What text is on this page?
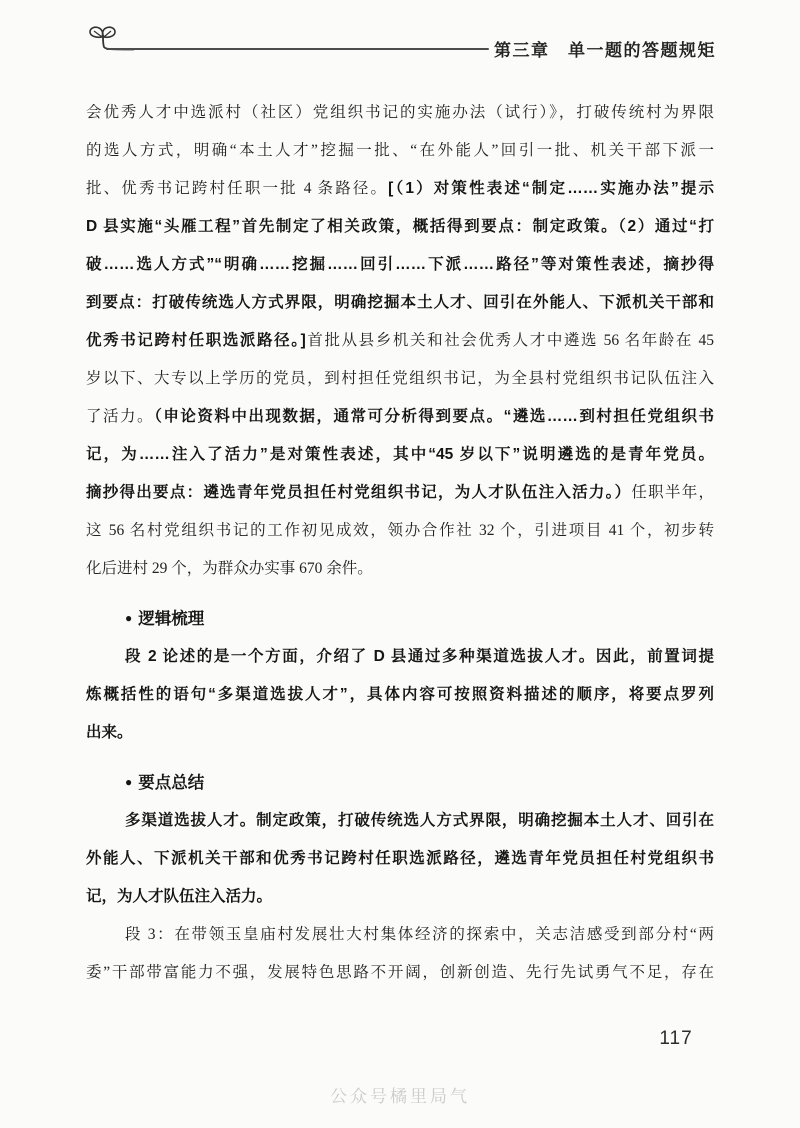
第三章　单一题的答题规矩
会优秀人才中选派村（社区）党组织书记的实施办法（试行）》，打破传统村为界限
的选人方式，明确“本土人才”挖掘一批、“在外能人”回引一批、机关干部下派一
批、优秀书记跨村任职一批 4 条路径。[（1）对策性表述“制定……实施办法”提示
D 县实施“头雁工程”首先制定了相关政策，概括得到要点：制定政策。（2）通过“打
破……选人方式”“明确……挖掘……回引……下派……路径”等对策性表述，摘抄得
到要点：打破传统选人方式界限，明确挖掘本土人才、回引在外能人、下派机关干部和
优秀书记跨村任职选派路径。]首批从县乡机关和社会优秀人才中遴选 56 名年龄在 45
岁以下、大专以上学历的党员，到村担任党组织书记，为全县村党组织书记队伍注入
了活力。（申论资料中出现数据，通常可分析得到要点。“遴选……到村担任党组织书
记，为……注入了活力”是对策性表述，其中“45 岁以下”说明遴选的是青年党员。
摘抄得出要点：遴选青年党员担任村党组织书记，为人才队伍注入活力。）任职半年，
这 56 名村党组织书记的工作初见成效，领办合作社 32 个，引进项目 41 个，初步转
化后进村 29 个，为群众办实事 670 余件。
● 逻辑梳理
段 2 论述的是一个方面，介绍了 D 县通过多种渠道选拔人才。因此，前置词提
炼概括性的语句“多渠道选拔人才”，具体内容可按照资料描述的顺序，将要点罗列
出来。
● 要点总结
多渠道选拔人才。制定政策，打破传统选人方式界限，明确挖掘本土人才、回引在
外能人、下派机关干部和优秀书记跨村任职选派路径，遴选青年党员担任村党组织书
记，为人才队伍注入活力。
段 3：在带领玉皇庙村发展壮大村集体经济的探索中，关志洁感受到部分村“两
委”干部带富能力不强，发展特色思路不开阔，创新创造、先行先试勇气不足，存在
117
公众号橘里局气
